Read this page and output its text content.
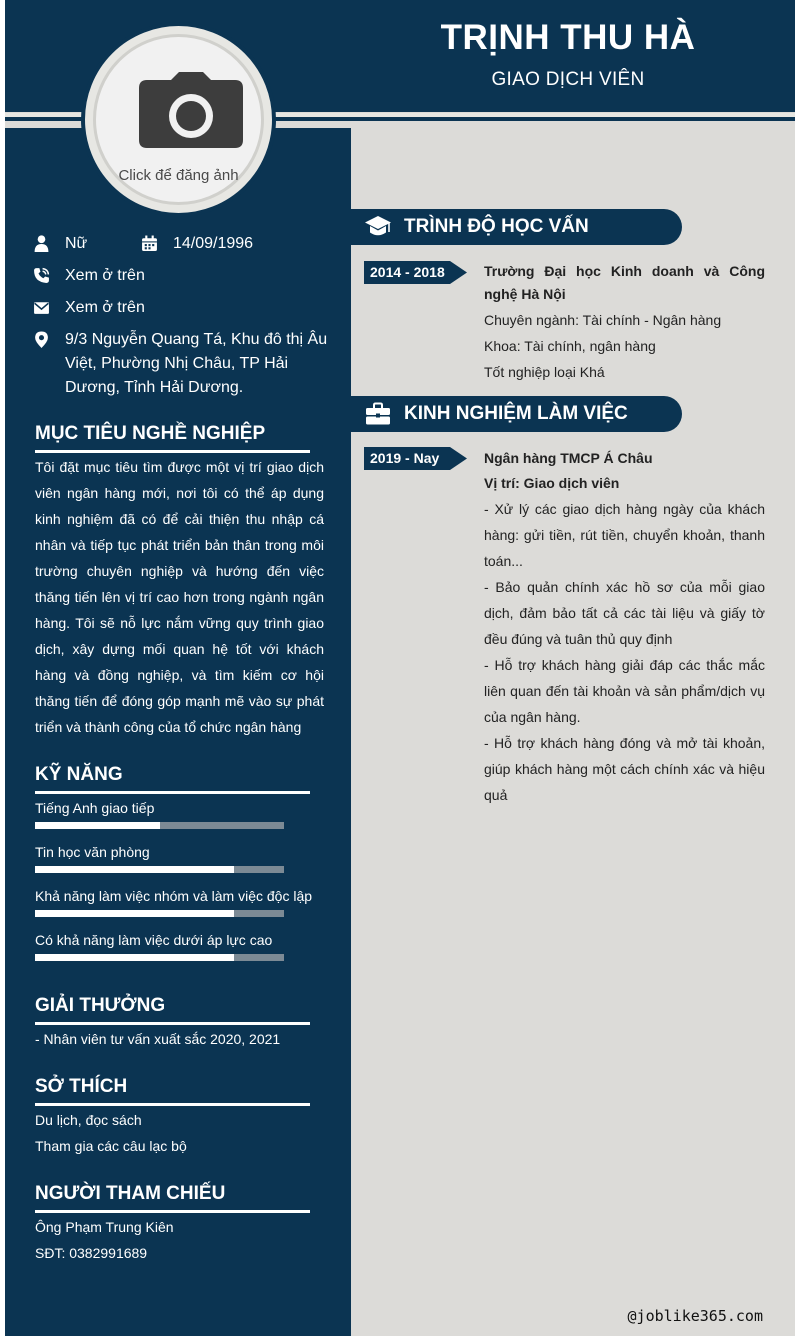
TRỊNH THU HÀ
GIAO DỊCH VIÊN
Click để đăng ảnh
Nữ	14/09/1996
Xem ở trên
Xem ở trên
9/3 Nguyễn Quang Tá, Khu đô thị Âu Việt, Phường Nhị Châu, TP Hải Dương, Tỉnh Hải Dương.
MỤC TIÊU NGHỀ NGHIỆP
Tôi đặt mục tiêu tìm được một vị trí giao dịch viên ngân hàng mới, nơi tôi có thể áp dụng kinh nghiệm đã có để cải thiện thu nhập cá nhân và tiếp tục phát triển bản thân trong môi trường chuyên nghiệp và hướng đến việc thăng tiến lên vị trí cao hơn trong ngành ngân hàng. Tôi sẽ nỗ lực nắm vững quy trình giao dịch, xây dựng mối quan hệ tốt với khách hàng và đồng nghiệp, và tìm kiếm cơ hội thăng tiến để đóng góp mạnh mẽ vào sự phát triển và thành công của tổ chức ngân hàng
KỸ NĂNG
Tiếng Anh giao tiếp
Tin học văn phòng
Khả năng làm việc nhóm và làm việc độc lập
Có khả năng làm việc dưới áp lực cao
GIẢI THƯỞNG
- Nhân viên tư vấn xuất sắc 2020, 2021
SỞ THÍCH
Du lịch, đọc sách
Tham gia các câu lạc bộ
NGƯỜI THAM CHIẾU
Ông Phạm Trung Kiên
SĐT: 0382991689
TRÌNH ĐỘ HỌC VẤN
2014 - 2018	Trường Đại học Kinh doanh và Công nghệ Hà Nội
Chuyên ngành: Tài chính - Ngân hàng
Khoa: Tài chính, ngân hàng
Tốt nghiệp loại Khá
KINH NGHIỆM LÀM VIỆC
2019 - Nay	Ngân hàng TMCP Á Châu
Vị trí: Giao dịch viên
- Xử lý các giao dịch hàng ngày của khách hàng: gửi tiền, rút tiền, chuyển khoản, thanh toán...
- Bảo quản chính xác hồ sơ của mỗi giao dịch, đảm bảo tất cả các tài liệu và giấy tờ đều đúng và tuân thủ quy định
- Hỗ trợ khách hàng giải đáp các thắc mắc liên quan đến tài khoản và sản phẩm/dịch vụ của ngân hàng.
- Hỗ trợ khách hàng đóng và mở tài khoản, giúp khách hàng một cách chính xác và hiệu quả
@joblike365.com
